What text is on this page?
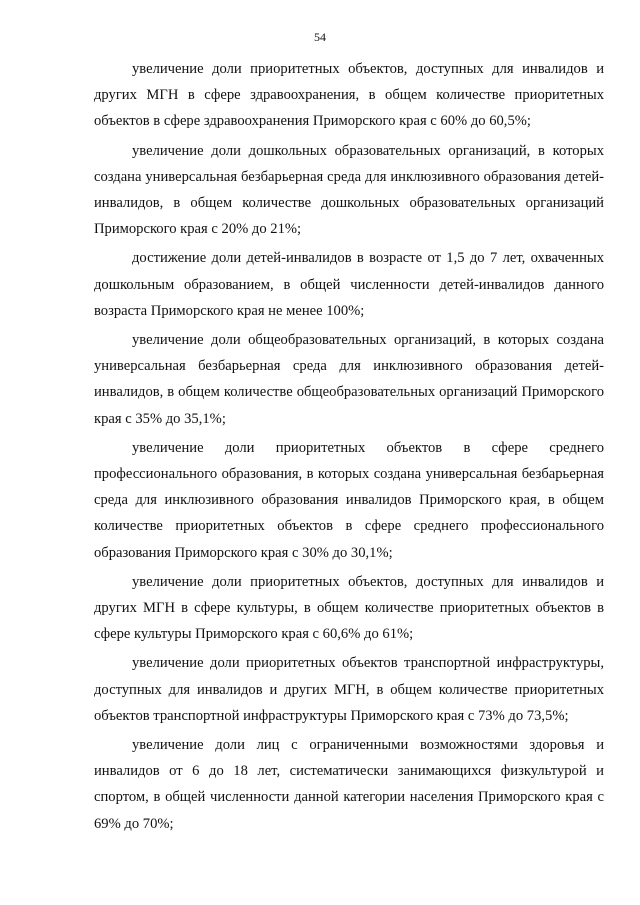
54

увеличение доли приоритетных объектов, доступных для инвалидов и других МГН в сфере здравоохранения, в общем количестве приоритетных объектов в сфере здравоохранения Приморского края с 60% до 60,5%;

увеличение доли дошкольных образовательных организаций, в которых создана универсальная безбарьерная среда для инклюзивного образования детей-инвалидов, в общем количестве дошкольных образовательных организаций Приморского края с 20% до 21%;

достижение доли детей-инвалидов в возрасте от 1,5 до 7 лет, охваченных дошкольным образованием, в общей численности детей-инвалидов данного возраста Приморского края не менее 100%;

увеличение доли общеобразовательных организаций, в которых создана универсальная безбарьерная среда для инклюзивного образования детей-инвалидов, в общем количестве общеобразовательных организаций Приморского края с 35% до 35,1%;

увеличение доли приоритетных объектов в сфере среднего профессионального образования, в которых создана универсальная безбарьерная среда для инклюзивного образования инвалидов Приморского края, в общем количестве приоритетных объектов в сфере среднего профессионального образования Приморского края с 30% до 30,1%;

увеличение доли приоритетных объектов, доступных для инвалидов и других МГН в сфере культуры, в общем количестве приоритетных объектов в сфере культуры Приморского края с 60,6% до 61%;

увеличение доли приоритетных объектов транспортной инфраструктуры, доступных для инвалидов и других МГН, в общем количестве приоритетных объектов транспортной инфраструктуры Приморского края с 73% до 73,5%;

увеличение доли лиц с ограниченными возможностями здоровья и инвалидов от 6 до 18 лет, систематически занимающихся физкультурой и спортом, в общей численности данной категории населения Приморского края с 69% до 70%;
